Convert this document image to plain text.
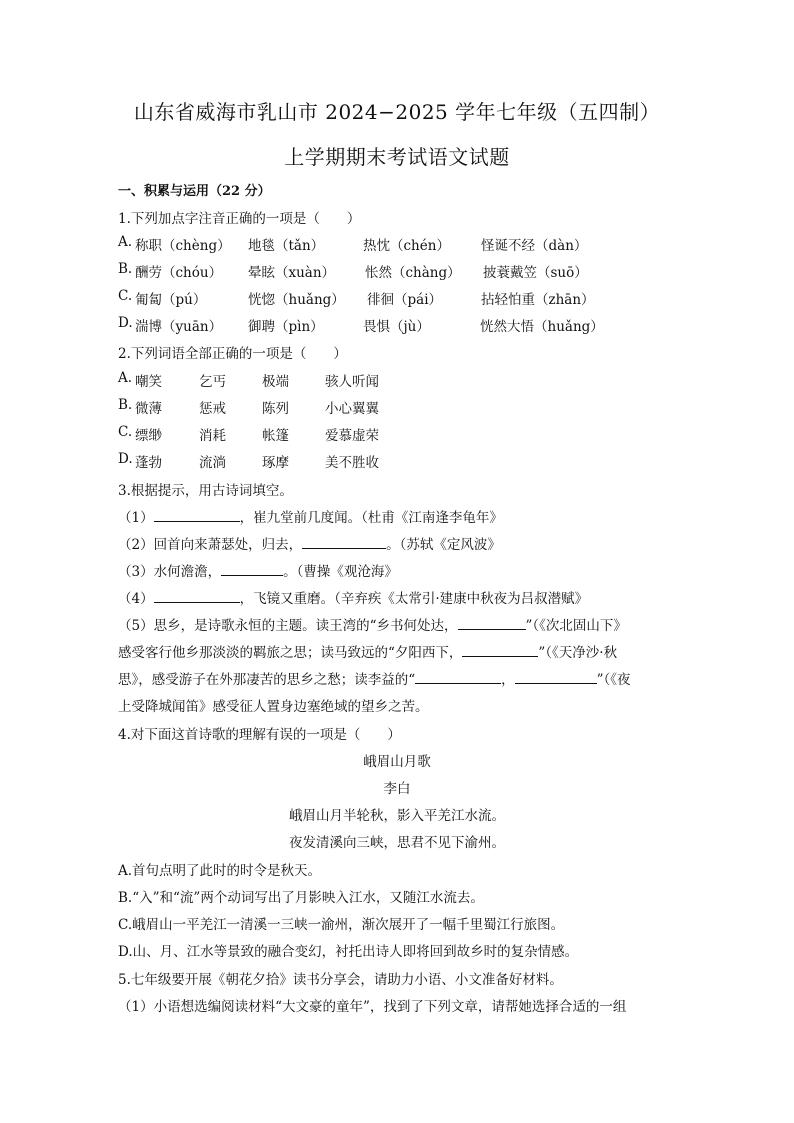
山东省威海市乳山市 2024−2025 学年七年级（五四制）
上学期期末考试语文试题
一、积累与运用（22 分）
1.下列加点字注音正确的一项是（　　）
A. 称职（chèng） 地毯（tǎn）	热忱（chén） 怪诞不经（dàn）
B. 酬劳（chóu） 晕眩（xuàn） 怅然（chàng） 披蓑戴笠（suō）
C. 匍匐（pú）	恍惚（huǎng） 徘徊（pái）	拈轻怕重（zhān）
D. 湍博（yuān） 御聘（pìn）	畏惧（jù）	恍然大悟（huǎng）
2.下列词语全部正确的一项是（　　）
A. 嘲笑	乞丐	极端	骇人听闻
B. 微薄	惩戒	陈列	小心翼翼
C. 缥缈	消耗	帐篷	爱慕虚荣
D. 蓬勃	流淌	琢摩	美不胜收
3.根据提示，用古诗词填空。
（1）	，崔九堂前几度闻。（杜甫《江南逢李龟年》
（2）回首向来萧瑟处，归去，	。（苏轼《定风波》
（3）水何澹澹，	。（曹操《观沧海》
（4）	，飞镜又重磨。（辛弃疾《太常引·建康中秋夜为吕叔潜赋》
（5）思乡，是诗歌永恒的主题。读王湾的“乡书何处达，	”（《次北固山下》
感受客行他乡那淡淡的羁旅之思；读马致远的“夕阳西下，	”（《天净沙·秋
思》，感受游子在外那凄苦的思乡之愁；读李益的“	，	”（《夜
上受降城闻笛》感受征人置身边塞绝域的望乡之苦。
4.对下面这首诗歌的理解有误的一项是（　　）
峨眉山月歌
李白
峨眉山月半轮秋，影入平羌江水流。
夜发清溪向三峡，思君不见下渝州。
A.首句点明了此时的时令是秋天。
B.“入”和“流”两个动词写出了月影映入江水，又随江水流去。
C.峨眉山一平羌江一清溪一三峡一渝州，渐次展开了一幅千里蜀江行旅图。
D.山、月、江水等景致的融合变幻，衬托出诗人即将回到故乡时的复杂情感。
5.七年级要开展《朝花夕拾》读书分享会，请助力小语、小文准备好材料。
（1）小语想选编阅读材料“大文豪的童年”，找到了下列文章，请帮她选择合适的一组
